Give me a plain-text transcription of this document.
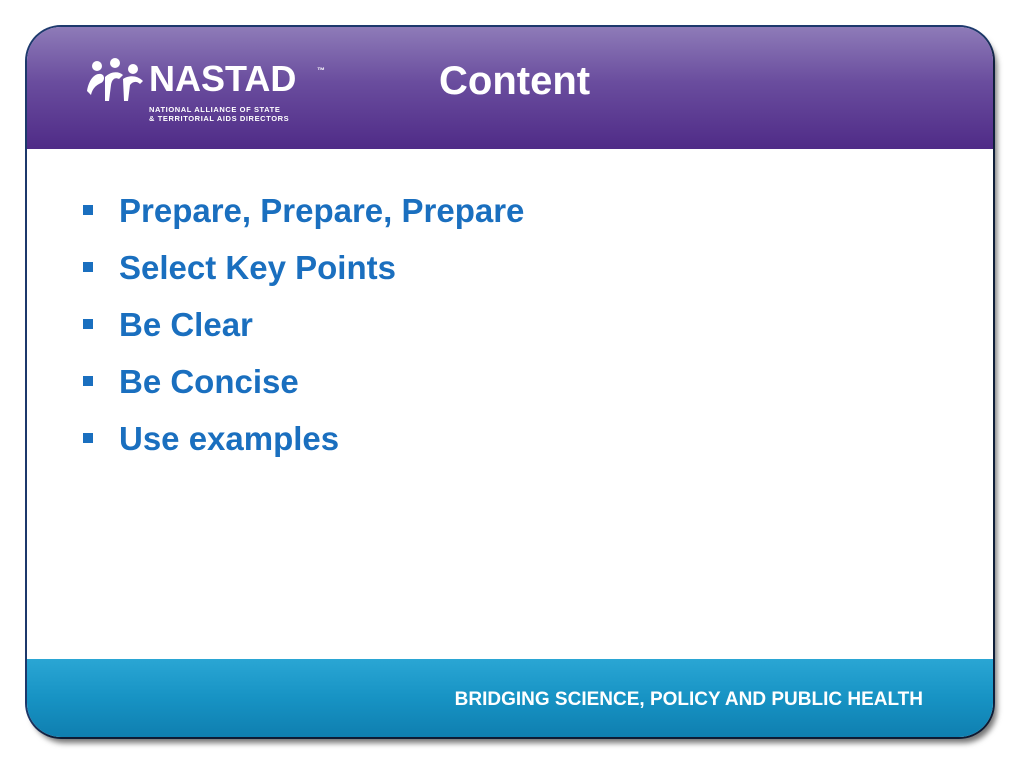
NASTAD	™
NATIONAL ALLIANCE OF STATE
& TERRITORIAL AIDS DIRECTORS
Content
Prepare, Prepare, Prepare
Select Key Points
Be Clear
Be Concise
Use examples
BRIDGING SCIENCE, POLICY AND PUBLIC HEALTH
